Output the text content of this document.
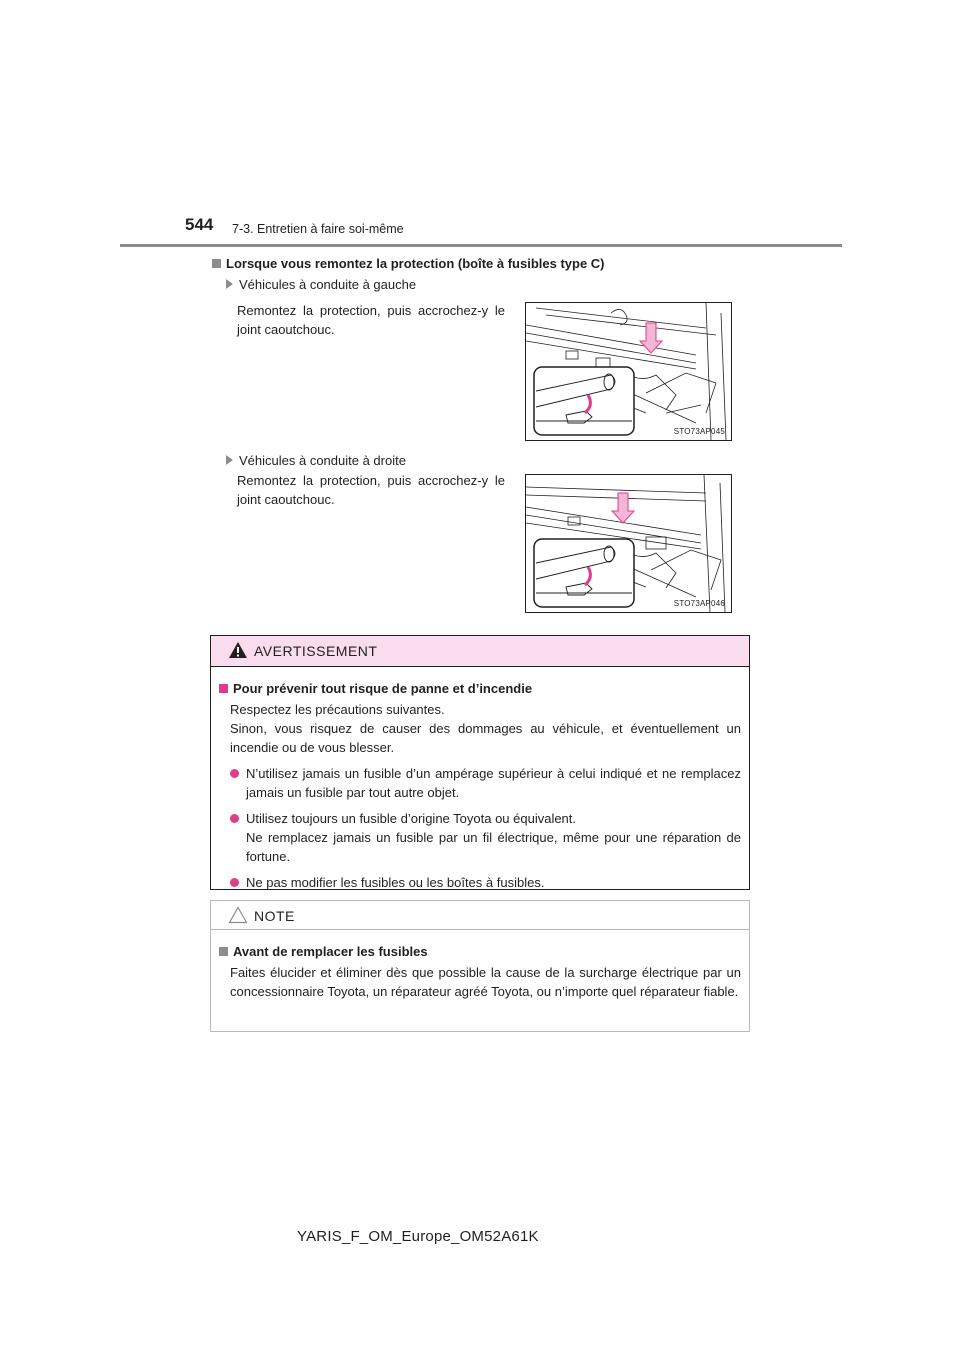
544 7-3. Entretien à faire soi-même
Lorsque vous remontez la protection (boîte à fusibles type C)
Véhicules à conduite à gauche
Remontez la protection, puis accrochez-y le joint caoutchouc.
STO73AP045
Véhicules à conduite à droite
Remontez la protection, puis accrochez-y le joint caoutchouc.
STO73AP046
AVERTISSEMENT
Pour prévenir tout risque de panne et d’incendie
Respectez les précautions suivantes.
Sinon, vous risquez de causer des dommages au véhicule, et éventuellement un incendie ou de vous blesser.
N’utilisez jamais un fusible d’un ampérage supérieur à celui indiqué et ne remplacez jamais un fusible par tout autre objet.
Utilisez toujours un fusible d’origine Toyota ou équivalent.
Ne remplacez jamais un fusible par un fil électrique, même pour une réparation de fortune.
Ne pas modifier les fusibles ou les boîtes à fusibles.
NOTE
Avant de remplacer les fusibles
Faites élucider et éliminer dès que possible la cause de la surcharge électrique par un concessionnaire Toyota, un réparateur agréé Toyota, ou n’importe quel réparateur fiable.
YARIS_F_OM_Europe_OM52A61K
